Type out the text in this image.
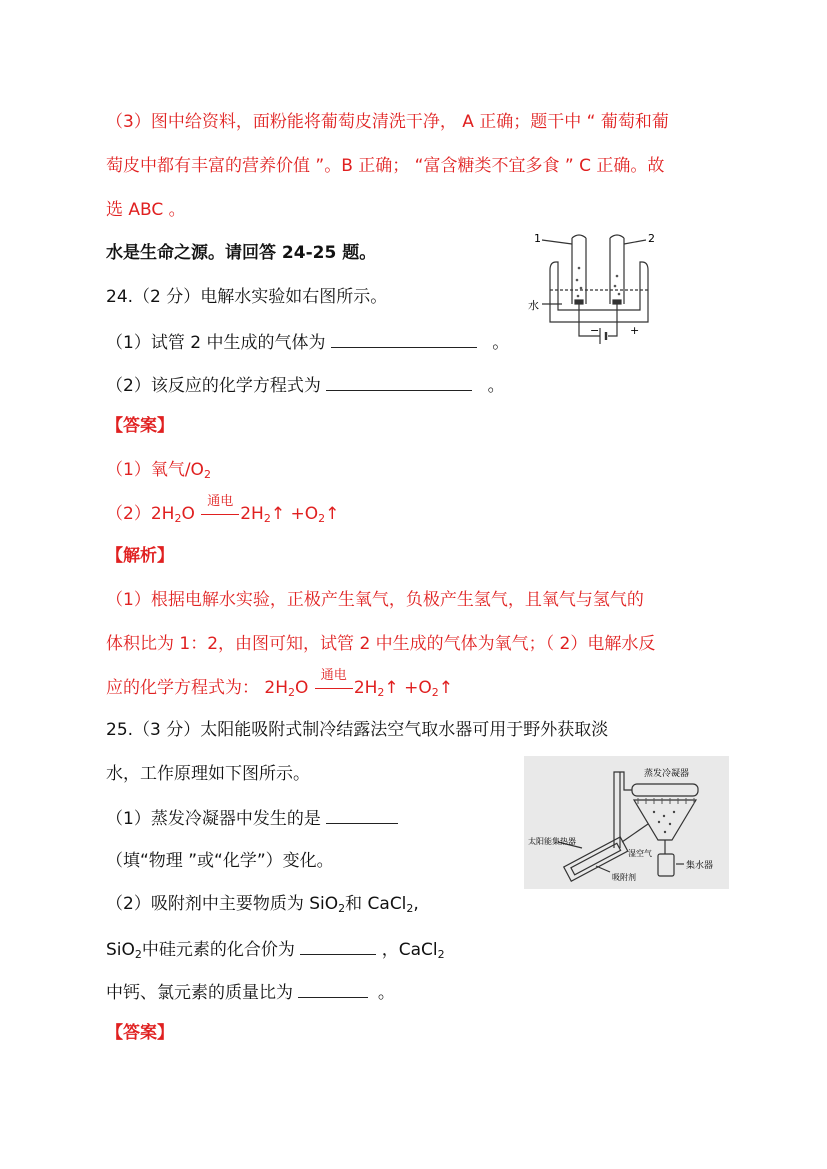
（3）图中给资料，面粉能将葡萄皮清洗干净， A 正确；题干中 “ 葡萄和葡
萄皮中都有丰富的营养价值 ”。B 正确； “富含糖类不宜多食 ” C 正确。故
选 ABC 。
水是生命之源。请回答 24-25 题。
24.（2 分）电解水实验如右图所示。
（1）试管 2 中生成的气体为	。
（2）该反应的化学方程式为	。
【答案】
（1）氧气$/O_2$
$(2)2H_2O$
通电
$2H_2↑$ $+O_2↑$
【解析】
（1）根据电解水实验，正极产生氧气，负极产生氢气，且氧气与氢气的
体积比为 1：2，由图可知，试管 2 中生成的气体为氧气；（ 2）电解水反
应的化学方程式为： $2H_2O$
通电
$2H_2↑$ $+O_2↑$
25.（3 分）太阳能吸附式制冷结露法空气取水器可用于野外获取淡
水，工作原理如下图所示。
（1）蒸发冷凝器中发生的是
（填“物理 ”或“化学”）变化。
（2）吸附剂中主要物质为 SiO$_2$和 CaCl$_2$,
SiO$_2$中硅元素的化合价为	，CaCl$_2$
中钙、氯元素的质量比为	。
【答案】
1	2
水
−	+
蒸发冷凝器
太阳能集热器
湿空气
集水器
吸附剂
